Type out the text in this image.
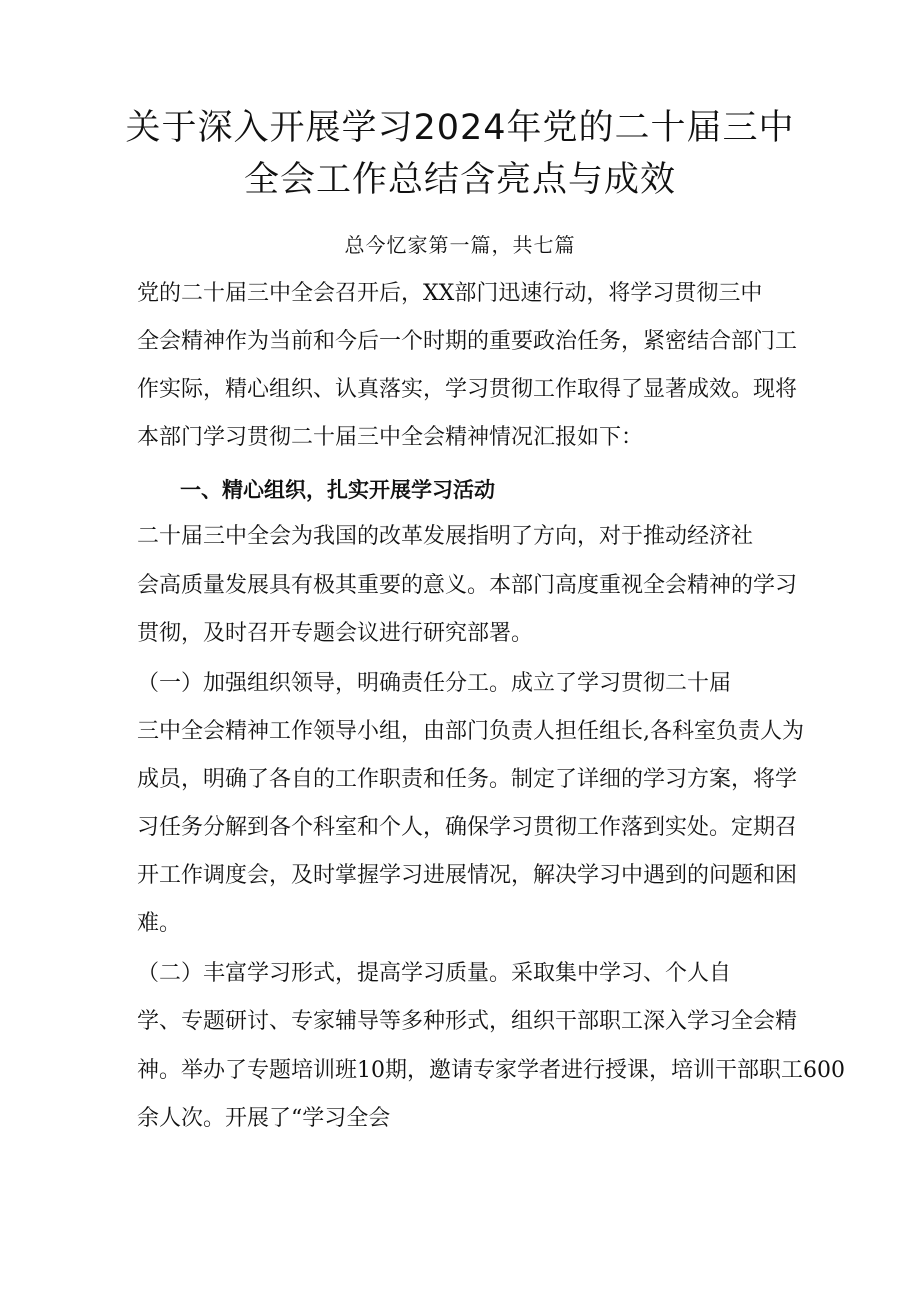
关于深入开展学习2024年党的二十届三中
全会工作总结含亮点与成效
总今忆家第一篇，共七篇
党的二十届三中全会召开后，XX部门迅速行动，将学习贯彻三中
全会精神作为当前和今后一个时期的重要政治任务，紧密结合部门工
作实际，精心组织、认真落实，学习贯彻工作取得了显著成效。现将
本部门学习贯彻二十届三中全会精神情况汇报如下：
一、精心组织，扎实开展学习活动
二十届三中全会为我国的改革发展指明了方向，对于推动经济社
会高质量发展具有极其重要的意义。本部门高度重视全会精神的学习
贯彻，及时召开专题会议进行研究部署。
（一）加强组织领导，明确责任分工。成立了学习贯彻二十届
三中全会精神工作领导小组，由部门负责人担任组长,各科室负责人为
成员，明确了各自的工作职责和任务。制定了详细的学习方案，将学
习任务分解到各个科室和个人，确保学习贯彻工作落到实处。定期召
开工作调度会，及时掌握学习进展情况，解决学习中遇到的问题和困
难。
（二）丰富学习形式，提高学习质量。采取集中学习、个人自
学、专题研讨、专家辅导等多种形式，组织干部职工深入学习全会精
神。举办了专题培训班10期，邀请专家学者进行授课，培训干部职工600
余人次。开展了“学习全会
